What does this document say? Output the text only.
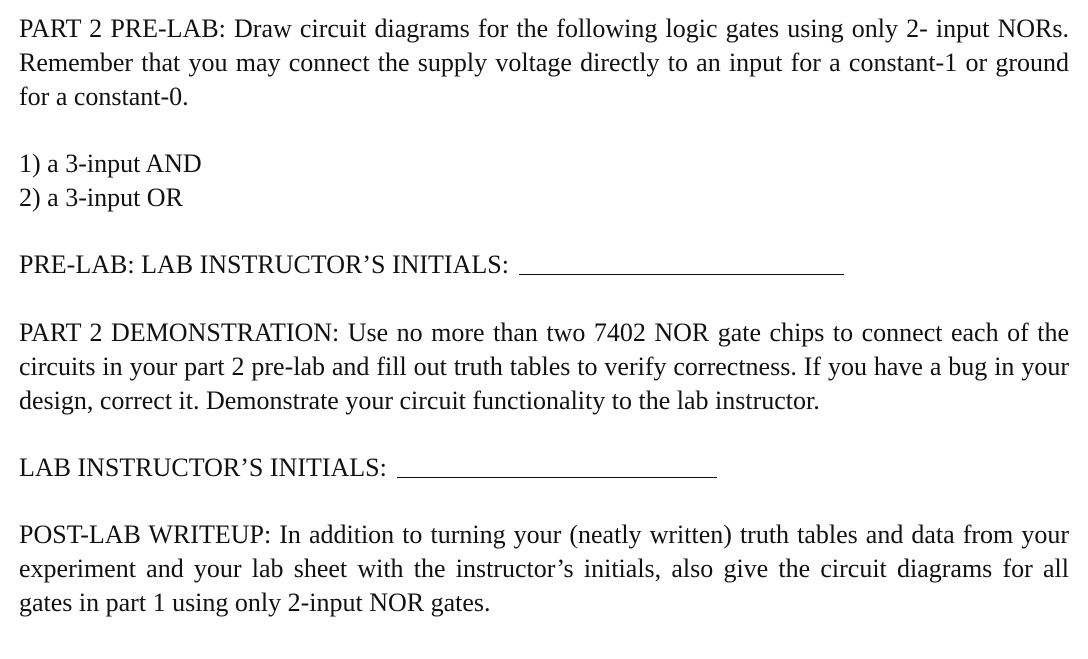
PART 2 PRE-LAB: Draw circuit diagrams for the following logic gates using only 2- input NORs. Remember that you may connect the supply voltage directly to an input for a constant-1 or ground for a constant-0.

1) a 3-input AND
2) a 3-input OR
PRE-LAB: LAB INSTRUCTOR’S INITIALS:

PART 2 DEMONSTRATION: Use no more than two 7402 NOR gate chips to connect each of the circuits in your part 2 pre-lab and fill out truth tables to verify correctness. If you have a bug in your design, correct it. Demonstrate your circuit functionality to the lab instructor.

LAB INSTRUCTOR’S INITIALS:

POST-LAB WRITEUP: In addition to turning your (neatly written) truth tables and data from your experiment and your lab sheet with the instructor’s initials, also give the circuit diagrams for all gates in part 1 using only 2-input NOR gates.
